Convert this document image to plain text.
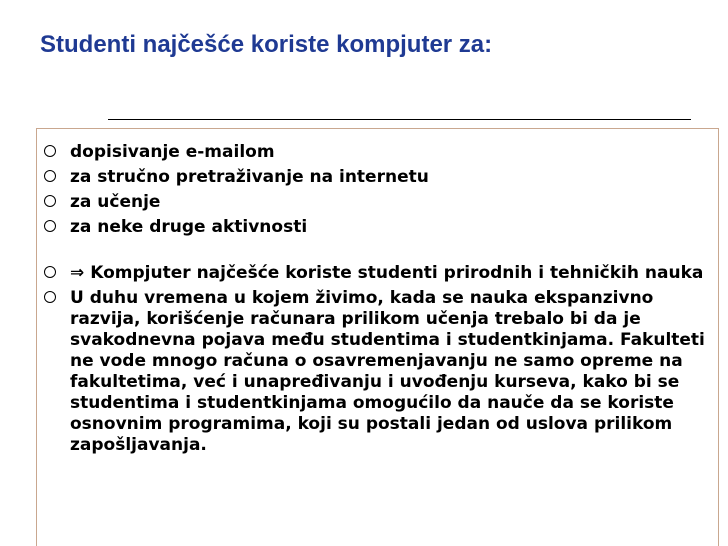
Studenti najčešće koriste kompjuter za:
dopisivanje e-mailom
za stručno pretraživanje na internetu
za učenje
za neke druge aktivnosti
⇒ Kompjuter najčešće koriste studenti prirodnih i tehničkih nauka
U duhu vremena u kojem živimo, kada se nauka ekspanzivno razvija, korišćenje računara prilikom učenja trebalo bi da je svakodnevna pojava među studentima i studentkinjama. Fakulteti ne vode mnogo računa o osavremenjavanju ne samo opreme na fakultetima, već i unapređivanju i uvođenju kurseva, kako bi se studentima i studentkinjama omogućilo da nauče da se koriste osnovnim programima, koji su postali jedan od uslova prilikom zapošljavanja.
